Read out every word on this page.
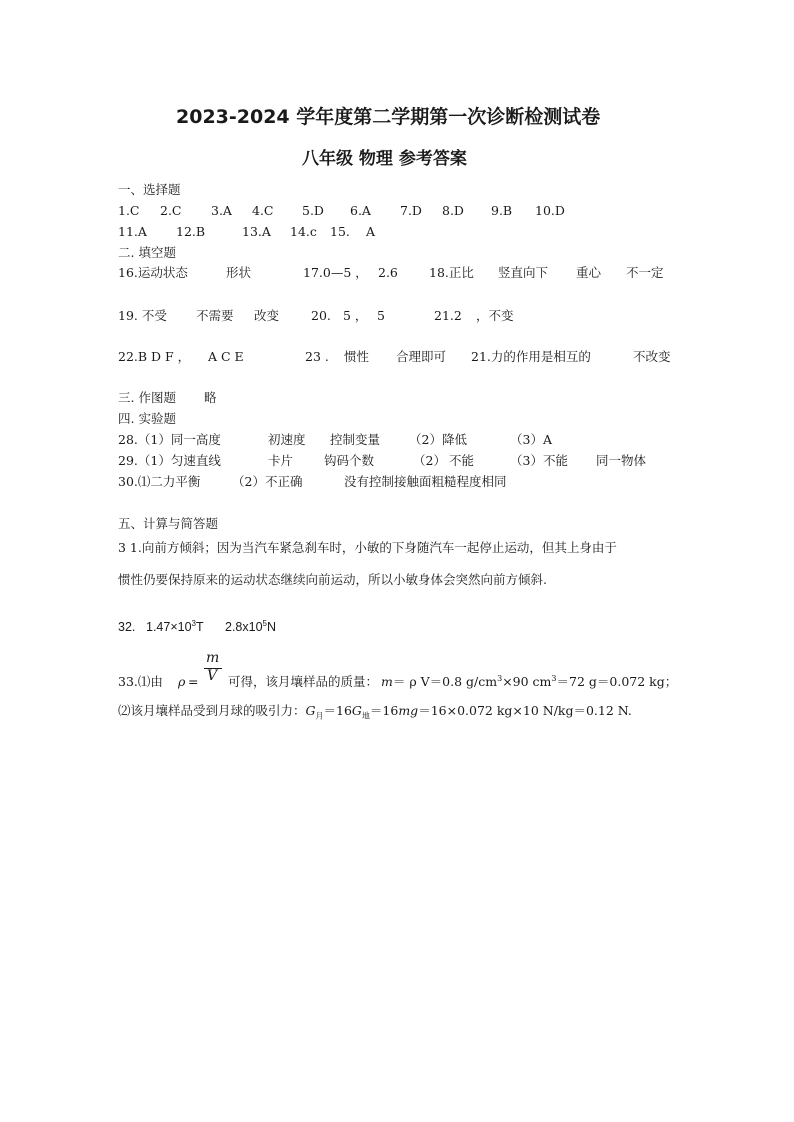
2023-2024 学年度第二学期第一次诊断检测试卷
八年级 物理 参考答案
一、选择题
1.C 2.C 3.A 4.C 5.D 6.A 7.D 8.D 9.B 10.D
11.A 12.B	13.A 14.c 15. A
二. 填空题
16.运动状态	形状	17.0—5 ， 2.6 18.正比 竖直向下 重心 不一定
19. 不受 不需要 改变	20. 5 ， 5	21.2 ，不变
22.B D F ， A C E	23 . 惯性 合理即可 21.力的作用是相互的	不改变
三. 作图题 略
四. 实验题
28.（1）同一高度	初速度 控制变量 （2）降低	（3）A
29.（1）匀速直线	卡片 钩码个数	（2） 不能	（3）不能 同一物体
30.⑴二力平衡	（2）不正确	没有控制接触面粗糙程度相同
五、计算与简答题
3 1.向前方倾斜；因为当汽车紧急刹车时，小敏的下身随汽车一起停止运动，但其上身由于
惯性仍要保持原来的运动状态继续向前运动，所以小敏身体会突然向前方倾斜.
32. $1.47\times 10^3T$ $2.8x10^5N$
33.⑴由 ρ =
m
V 可得，该月壤样品的质量： m＝ ρ V＝0.8 $g/cm^3\times 90$ $cm^3=72$ g＝0.072 kg；
⑵该月壤样品受到月球的吸引力：$G_月=16G_地=16mg=16\times 0.072$ kg×10 N/kg＝0.12 N.
